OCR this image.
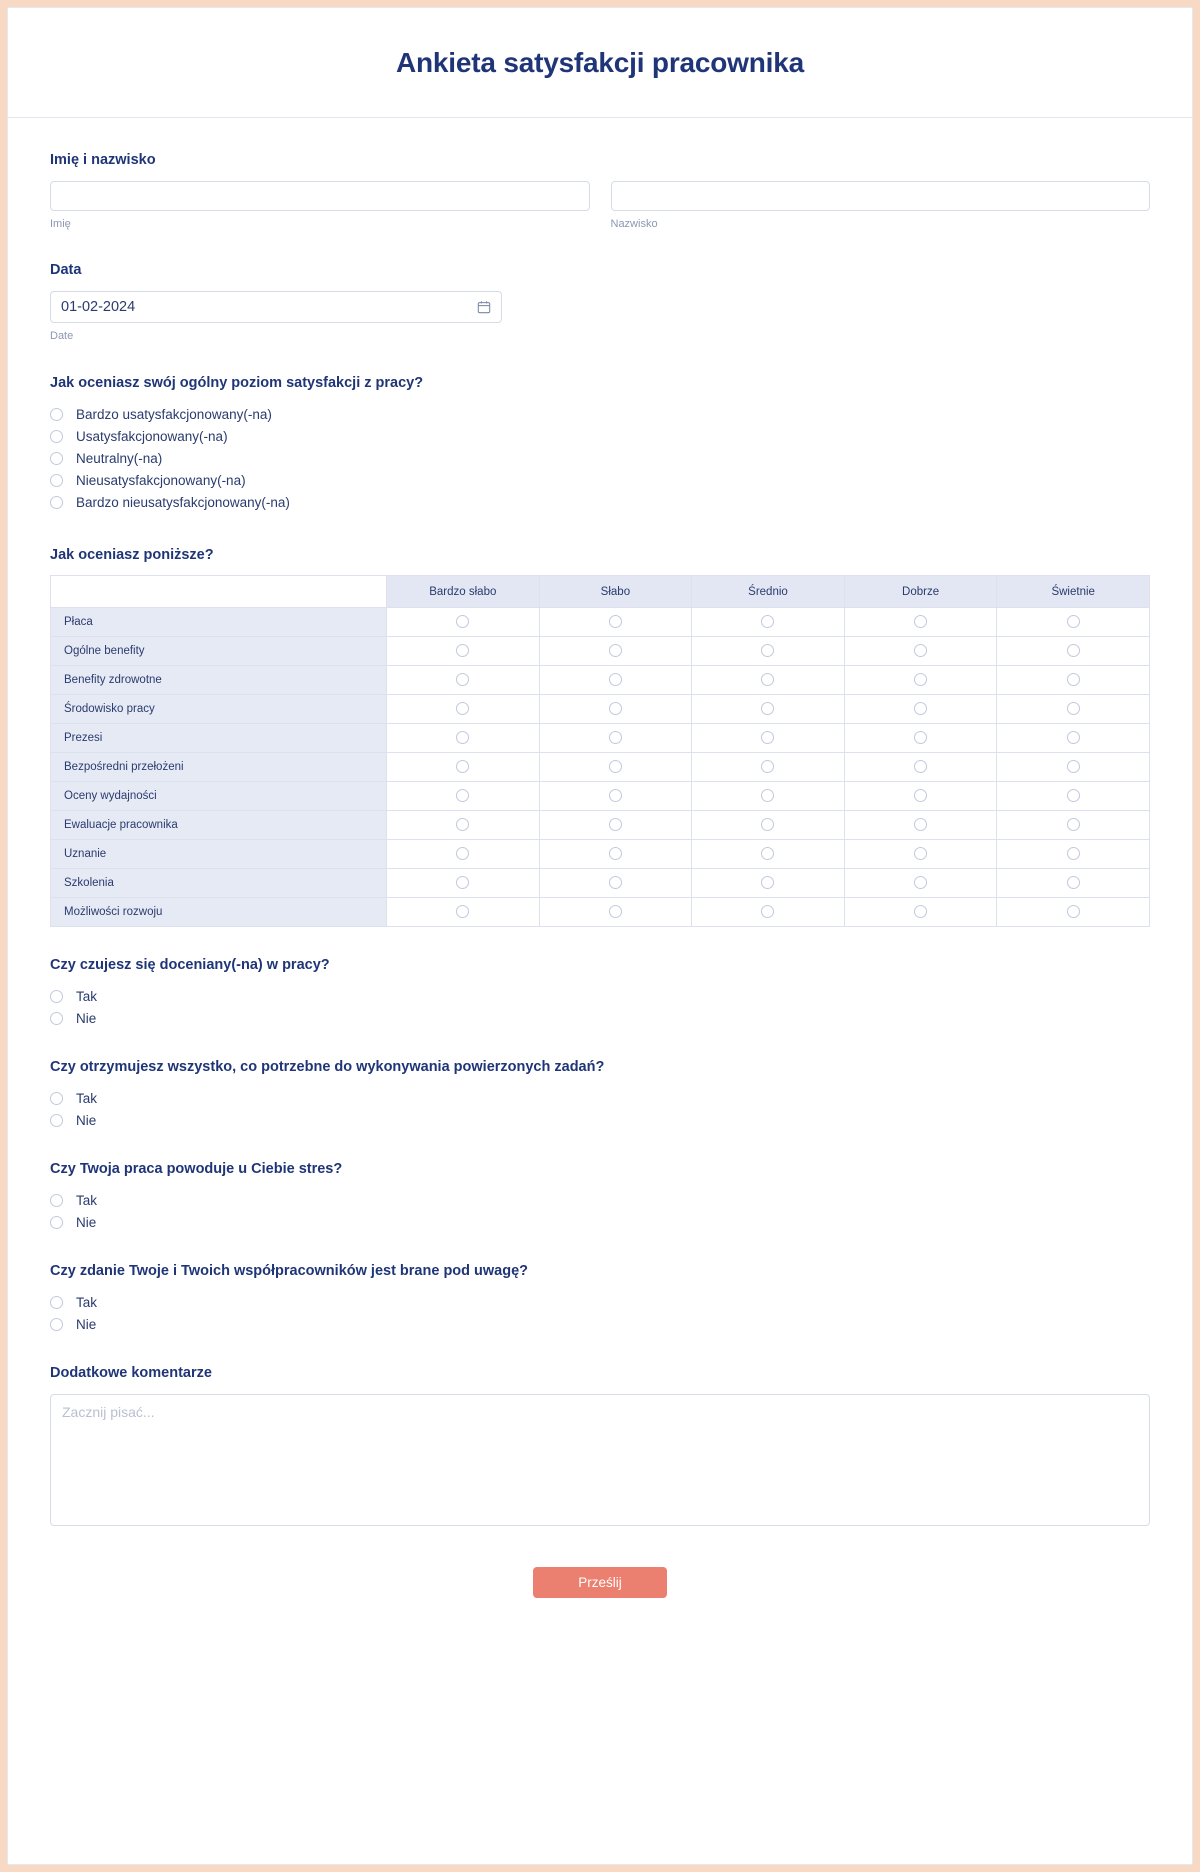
Ankieta satysfakcji pracownika
Imię i nazwisko
Imię	Nazwisko
Data
01-02-2024
Date
Jak oceniasz swój ogólny poziom satysfakcji z pracy?
Bardzo usatysfakcjonowany(-na)
Usatysfakcjonowany(-na)
Neutralny(-na)
Nieusatysfakcjonowany(-na)
Bardzo nieusatysfakcjonowany(-na)
Jak oceniasz poniższe?
	Bardzo słabo	Słabo	Średnio	Dobrze	Świetnie
Płaca					
Ogólne benefity					
Benefity zdrowotne					
Środowisko pracy					
Prezesi					
Bezpośredni przełożeni					
Oceny wydajności					
Ewaluacje pracownika					
Uznanie					
Szkolenia					
Możliwości rozwoju					
Czy czujesz się doceniany(-na) w pracy?
Tak
Nie
Czy otrzymujesz wszystko, co potrzebne do wykonywania powierzonych zadań?
Tak
Nie
Czy Twoja praca powoduje u Ciebie stres?
Tak
Nie
Czy zdanie Twoje i Twoich współpracowników jest brane pod uwagę?
Tak
Nie
Dodatkowe komentarze
Zacznij pisać...
Prześlij
